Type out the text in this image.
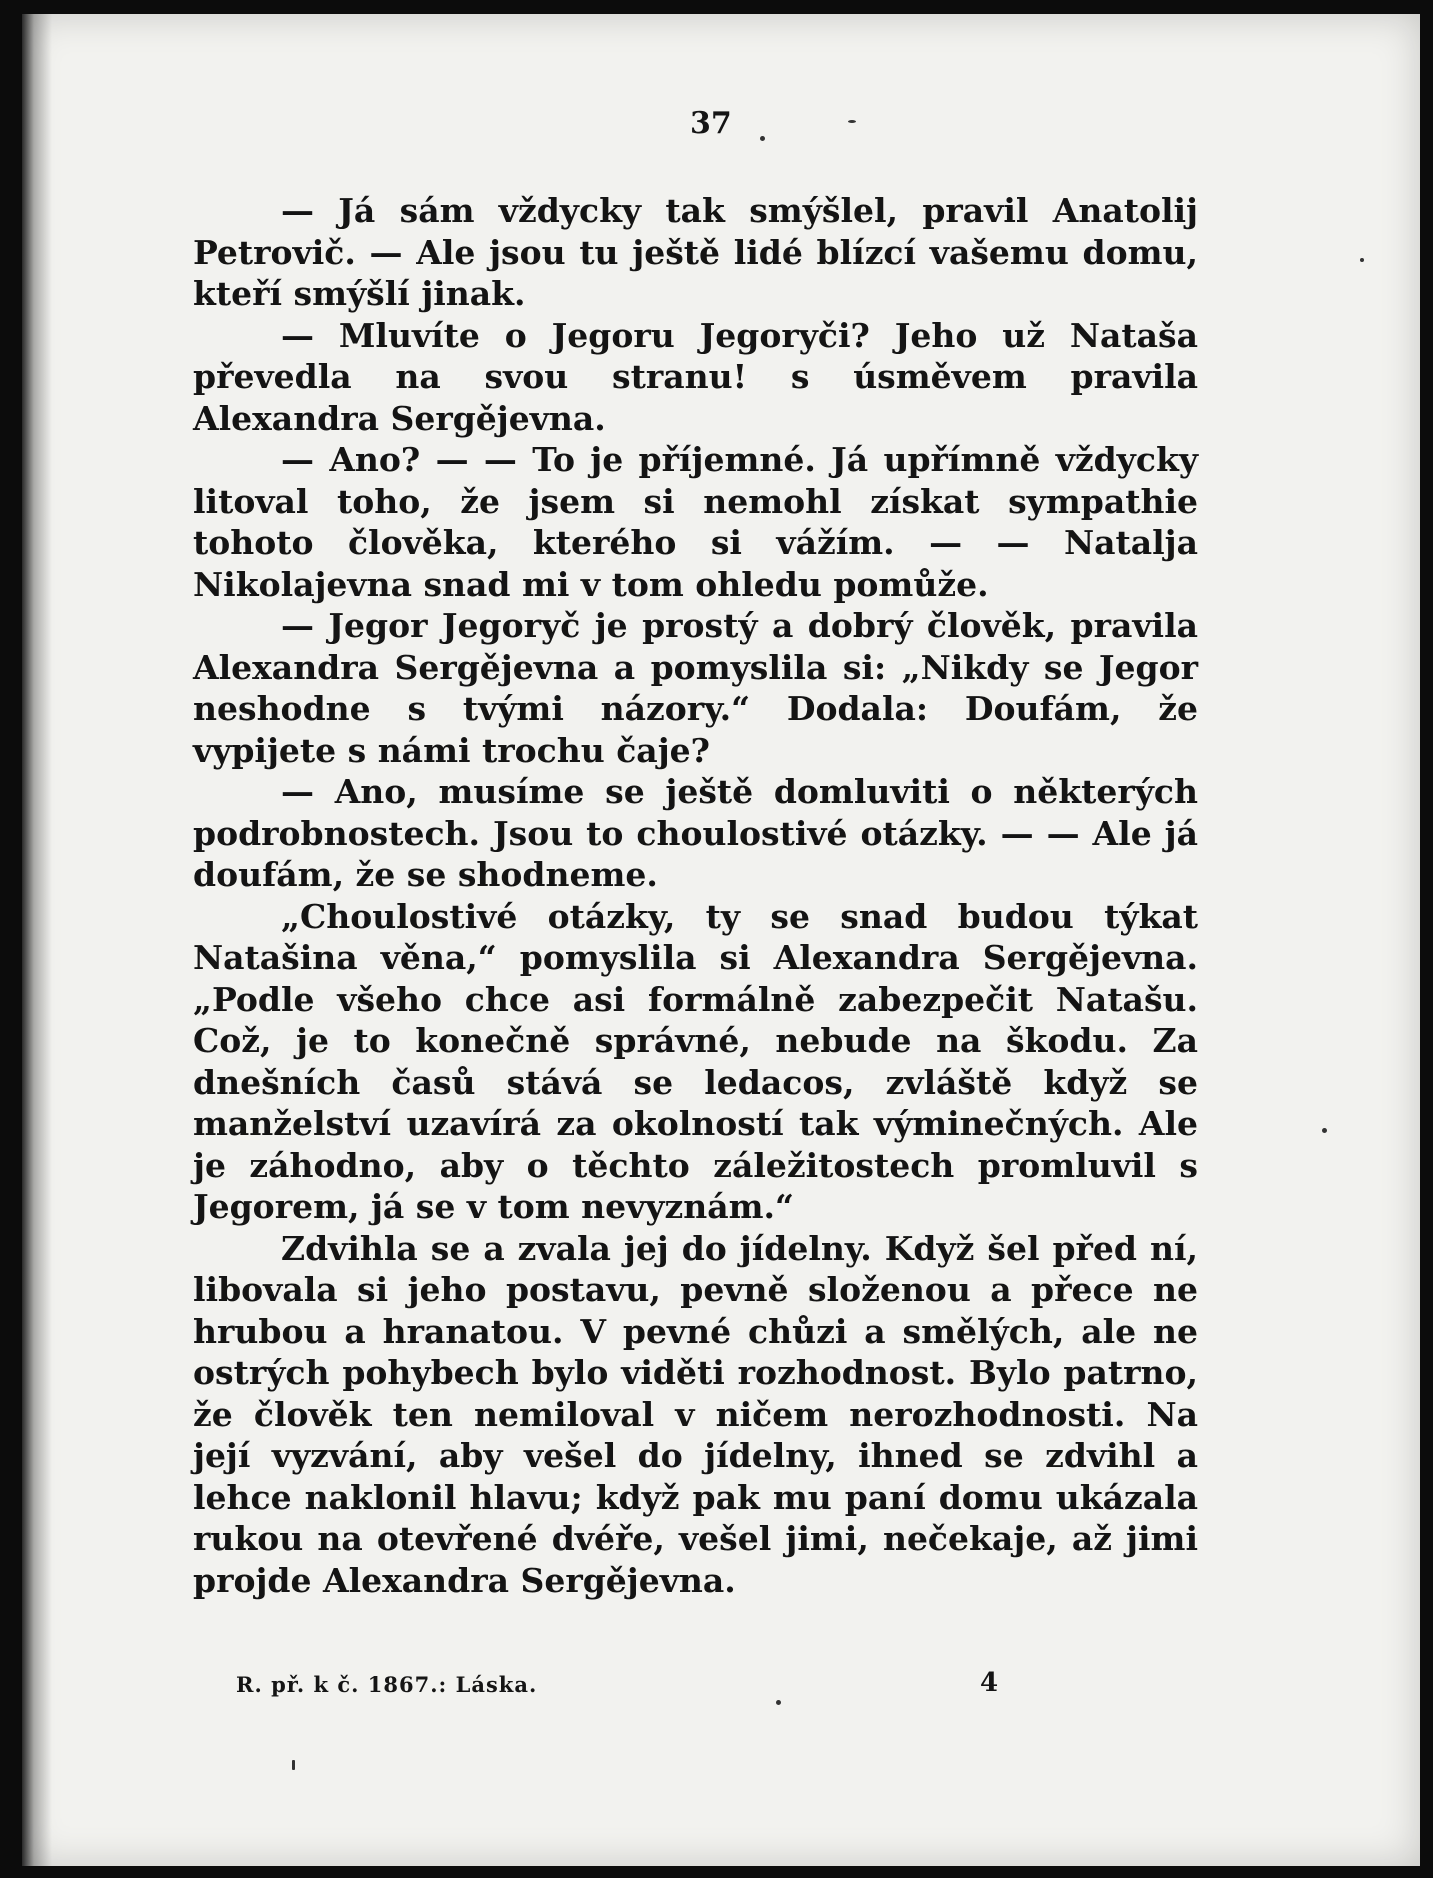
37

— Já sám vždycky tak smýšlel, pravil Anatolij Petrovič. — Ale jsou tu ještě lidé blízcí vašemu domu, kteří smýšlí jinak.

— Mluvíte o Jegoru Jegoryči? Jeho už Nataša převedla na svou stranu! s úsměvem pravila Alexandra Sergějevna.

— Ano? — — To je příjemné. Já upřímně vždycky litoval toho, že jsem si nemohl získat sympathie tohoto člověka, kterého si vážím. — — Natalja Nikolajevna snad mi v tom ohledu pomůže.

— Jegor Jegoryč je prostý a dobrý člověk, pravila Alexandra Sergějevna a pomyslila si: „Nikdy se Jegor neshodne s tvými názory.“ Dodala: Doufám, že vypijete s námi trochu čaje?

— Ano, musíme se ještě domluviti o některých podrobnostech. Jsou to choulostivé otázky. — — Ale já doufám, že se shodneme.

„Choulostivé otázky, ty se snad budou týkat Natašina věna,“ pomyslila si Alexandra Sergějevna. „Podle všeho chce asi formálně zabezpečit Natašu. Což, je to konečně správné, nebude na škodu. Za dnešních časů stává se ledacos, zvláště když se manželství uzavírá za okolností tak výminečných. Ale je záhodno, aby o těchto záležitostech promluvil s Jegorem, já se v tom nevyznám.“

Zdvihla se a zvala jej do jídelny. Když šel před ní, libovala si jeho postavu, pevně složenou a přece ne hrubou a hranatou. V pevné chůzi a smělých, ale ne ostrých pohybech bylo viděti rozhodnost. Bylo patrno, že člověk ten nemiloval v ničem nerozhodnosti. Na její vyzvání, aby vešel do jídelny, ihned se zdvihl a lehce naklonil hlavu; když pak mu paní domu ukázala rukou na otevřené dvéře, vešel jimi, nečekaje, až jimi projde Alexandra Sergějevna.

R. př. k č. 1867.: Láska.	4
